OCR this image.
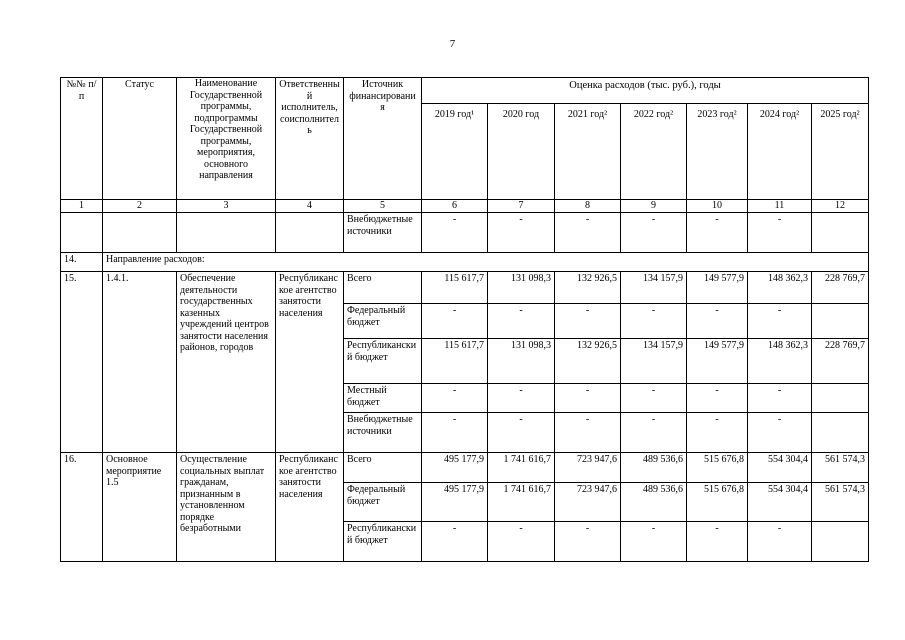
7
№№ п/п	Статус	Наименование Государственной программы, подпрограммы Государственной программы, мероприятия, основного направления	Ответственный исполнитель, соисполнитель	Источник финансирования	Оценка расходов (тыс. руб.), годы						
					2019 год¹	2020 год	2021 год²	2022 год²	2023 год²	2024 год²	2025 год²
1	2	3	4	5	6	7	8	9	10	11	12
				Внебюджетные источники	-	-	-	-	-	-	
14.	Направление расходов:										
15.	1.4.1.	Обеспечение деятельности государственных казенных учреждений центров занятости населения районов, городов	Республиканское агентство занятости населения	Всего	115 617,7	131 098,3	132 926,5	134 157,9	149 577,9	148 362,3	228 769,7
				Федеральный бюджет	-	-	-	-	-	-	
				Республиканский бюджет	115 617,7	131 098,3	132 926,5	134 157,9	149 577,9	148 362,3	228 769,7
				Местный бюджет	-	-	-	-	-	-	
				Внебюджетные источники	-	-	-	-	-	-	
16.	Основное мероприятие 1.5	Осуществление социальных выплат гражданам, признанным в установленном порядке безработными	Республиканское агентство занятости населения	Всего	495 177,9	1 741 616,7	723 947,6	489 536,6	515 676,8	554 304,4	561 574,3
				Федеральный бюджет	495 177,9	1 741 616,7	723 947,6	489 536,6	515 676,8	554 304,4	561 574,3
				Республиканский бюджет	-	-	-	-	-	-	
